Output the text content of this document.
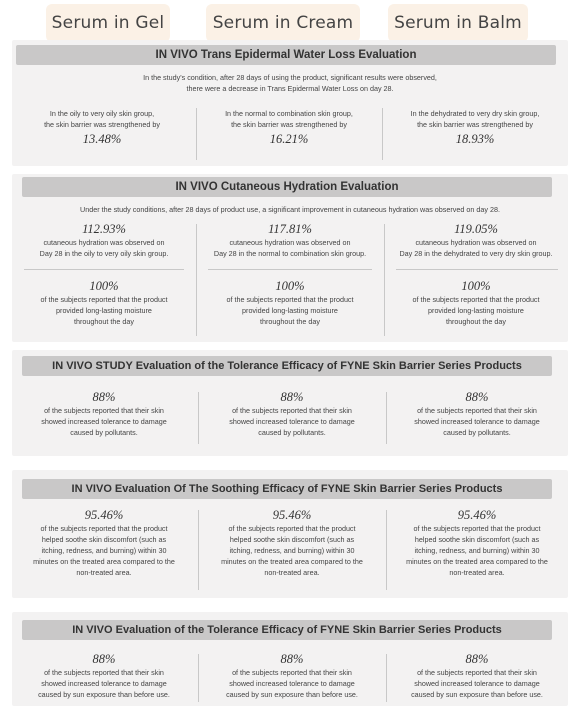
Serum in Gel	Serum in Cream	Serum in Balm
IN VIVO Trans Epidermal Water Loss Evaluation
In the study's condition, after 28 days of using the product, significant results were observed,
there were a decrease in Trans Epidermal Water Loss on day 28.
In the oily to very oily skin group,
the skin barrier was strengthened by
13.48%
In the normal to combination skin group,
the skin barrier was strengthened by
16.21%
In the dehydrated to very dry skin group,
the skin barrier was strengthened by
18.93%
IN VIVO Cutaneous Hydration Evaluation
Under the study conditions, after 28 days of product use, a significant improvement in cutaneous hydration was observed on day 28.
112.93%
cutaneous hydration was observed on
Day 28 in the oily to very oily skin group.
100%
of the subjects reported that the product
provided long-lasting moisture
throughout the day
117.81%
cutaneous hydration was observed on
Day 28 in the normal to combination skin group.
100%
of the subjects reported that the product
provided long-lasting moisture
throughout the day
119.05%
cutaneous hydration was observed on
Day 28 in the dehydrated to very dry skin group.
100%
of the subjects reported that the product
provided long-lasting moisture
throughout the day
IN VIVO STUDY Evaluation of the Tolerance Efficacy of FYNE Skin Barrier Series Products
88%
of the subjects reported that their skin
showed increased tolerance to damage
caused by pollutants.
88%
of the subjects reported that their skin
showed increased tolerance to damage
caused by pollutants.
88%
of the subjects reported that their skin
showed increased tolerance to damage
caused by pollutants.
IN VIVO Evaluation Of The Soothing Efficacy of FYNE Skin Barrier Series Products
95.46%
of the subjects reported that the product
helped soothe skin discomfort (such as
itching, redness, and burning) within 30
minutes on the treated area compared to the
non-treated area.
95.46%
of the subjects reported that the product
helped soothe skin discomfort (such as
itching, redness, and burning) within 30
minutes on the treated area compared to the
non-treated area.
95.46%
of the subjects reported that the product
helped soothe skin discomfort (such as
itching, redness, and burning) within 30
minutes on the treated area compared to the
non-treated area.
IN VIVO Evaluation of the Tolerance Efficacy of FYNE Skin Barrier Series Products
88%
of the subjects reported that their skin
showed increased tolerance to damage
caused by sun exposure than before use.
88%
of the subjects reported that their skin
showed increased tolerance to damage
caused by sun exposure than before use.
88%
of the subjects reported that their skin
showed increased tolerance to damage
caused by sun exposure than before use.
